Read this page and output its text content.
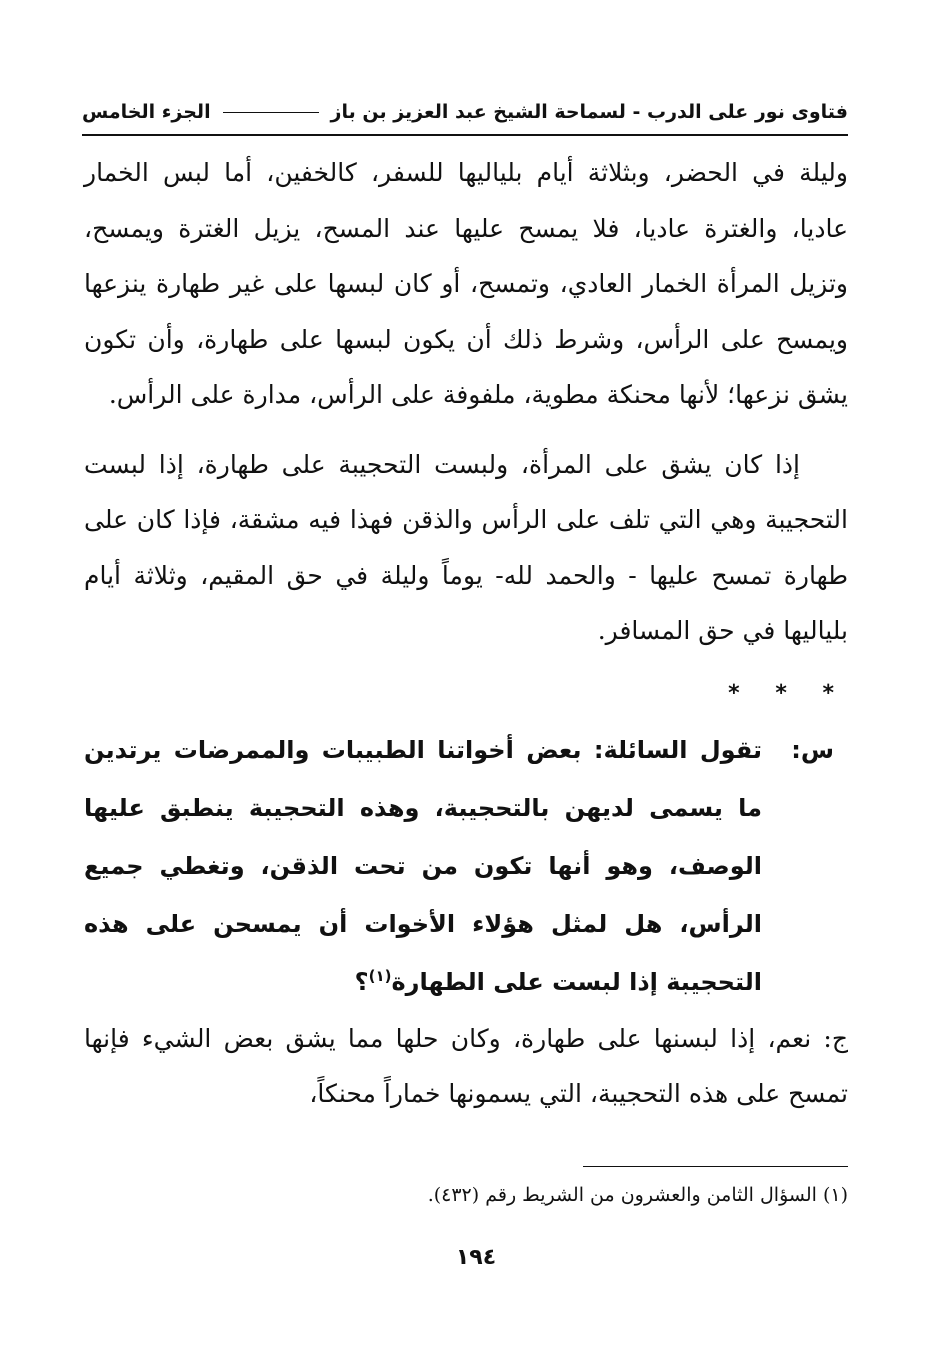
فتاوى نور على الدرب - لسماحة الشيخ عبد العزيز بن باز
الجزء الخامس

وليلة في الحضر، وبثلاثة أيام بلياليها للسفر، كالخفين، أما لبس الخمار عاديا، والغترة عاديا، فلا يمسح عليها عند المسح، يزيل الغترة ويمسح، وتزيل المرأة الخمار العادي، وتمسح، أو كان لبسها على غير طهارة ينزعها ويمسح على الرأس، وشرط ذلك أن يكون لبسها على طهارة، وأن تكون يشق نزعها؛ لأنها محنكة مطوية، ملفوفة على الرأس، مدارة على الرأس.

إذا كان يشق على المرأة، ولبست التحجيبة على طهارة، إذا لبست التحجيبة وهي التي تلف على الرأس والذقن فهذا فيه مشقة، فإذا كان على طهارة تمسح عليها - والحمد لله- يوماً وليلة في حق المقيم، وثلاثة أيام بلياليها في حق المسافر.

* * *

س:
تقول السائلة: بعض أخواتنا الطبيبات والممرضات يرتدين ما يسمى لديهن بالتحجيبة، وهذه التحجيبة ينطبق عليها الوصف، وهو أنها تكون من تحت الذقن، وتغطي جميع الرأس، هل لمثل هؤلاء الأخوات أن يمسحن على هذه التحجيبة إذا لبست على الطهارة$^{(١)}$؟

ج: نعم، إذا لبسنها على طهارة، وكان حلها مما يشق بعض الشيء فإنها تمسح على هذه التحجيبة، التي يسمونها خماراً محنكاً،

(١) السؤال الثامن والعشرون من الشريط رقم (٤٣٢).
١٩٤
